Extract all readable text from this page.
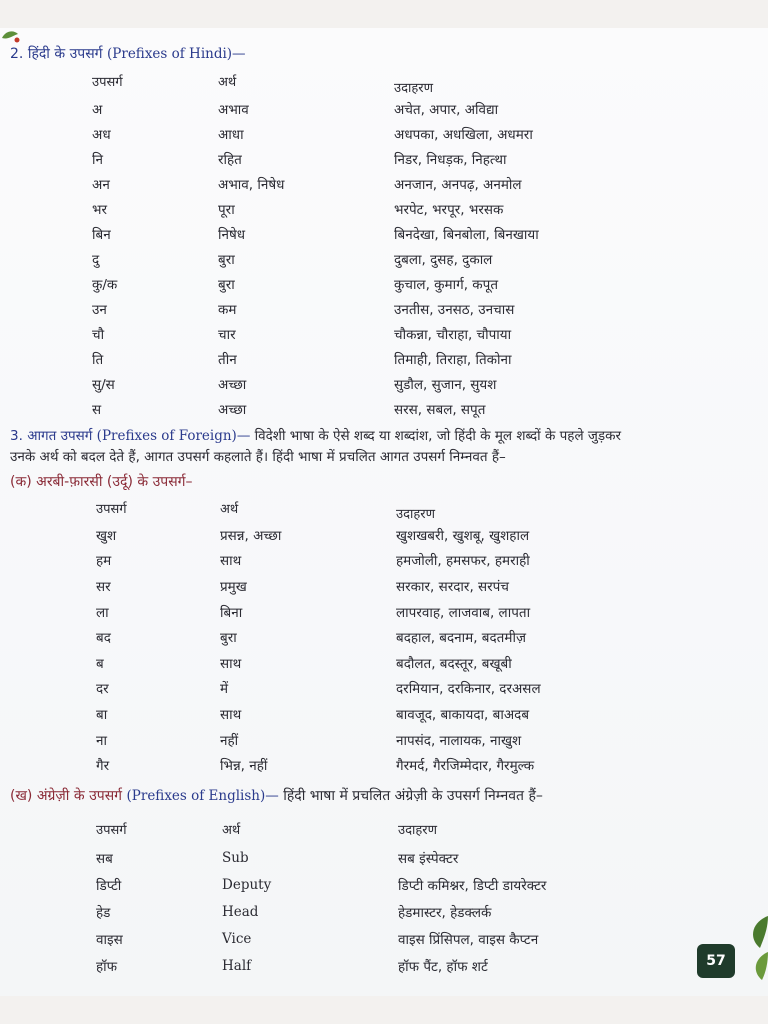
2. हिंदी के उपसर्ग (Prefixes of Hindi)—
उपसर्ग	अर्थ	उदाहरण
अ	अभाव	अचेत, अपार, अविद्या
अध	आधा	अधपका, अधखिला, अधमरा
नि	रहित	निडर, निधड़क, निहत्था
अन	अभाव, निषेध	अनजान, अनपढ़, अनमोल
भर	पूरा	भरपेट, भरपूर, भरसक
बिन	निषेध	बिनदेखा, बिनबोला, बिनखाया
दु	बुरा	दुबला, दुसह, दुकाल
कु/क	बुरा	कुचाल, कुमार्ग, कपूत
उन	कम	उनतीस, उनसठ, उनचास
चौ	चार	चौकन्ना, चौराहा, चौपाया
ति	तीन	तिमाही, तिराहा, तिकोना
सु/स	अच्छा	सुडौल, सुजान, सुयश
स	अच्छा	सरस, सबल, सपूत
3. आगत उपसर्ग (Prefixes of Foreign)— विदेशी भाषा के ऐसे शब्द या शब्दांश, जो हिंदी के मूल शब्दों के पहले जुड़कर
उनके अर्थ को बदल देते हैं, आगत उपसर्ग कहलाते हैं। हिंदी भाषा में प्रचलित आगत उपसर्ग निम्नवत हैं–
(क) अरबी-फ़ारसी (उर्दू) के उपसर्ग–
उपसर्ग	अर्थ	उदाहरण
खुश	प्रसन्न, अच्छा	खुशखबरी, खुशबू, खुशहाल
हम	साथ	हमजोली, हमसफर, हमराही
सर	प्रमुख	सरकार, सरदार, सरपंच
ला	बिना	लापरवाह, लाजवाब, लापता
बद	बुरा	बदहाल, बदनाम, बदतमीज़
ब	साथ	बदौलत, बदस्तूर, बखूबी
दर	में	दरमियान, दरकिनार, दरअसल
बा	साथ	बावजूद, बाकायदा, बाअदब
ना	नहीं	नापसंद, नालायक, नाखुश
गैर	भिन्न, नहीं	गैरमर्द, गैरजिम्मेदार, गैरमुल्क
(ख) अंग्रेज़ी के उपसर्ग (Prefixes of English)— हिंदी भाषा में प्रचलित अंग्रेज़ी के उपसर्ग निम्नवत हैं–
उपसर्ग	अर्थ	उदाहरण
सब	Sub	सब इंस्पेक्टर
डिप्टी	Deputy	डिप्टी कमिश्नर, डिप्टी डायरेक्टर
हेड	Head	हेडमास्टर, हेडक्लर्क
वाइस	Vice	वाइस प्रिंसिपल, वाइस कैप्टन
हॉफ	Half	हॉफ पैंट, हॉफ शर्ट	57
